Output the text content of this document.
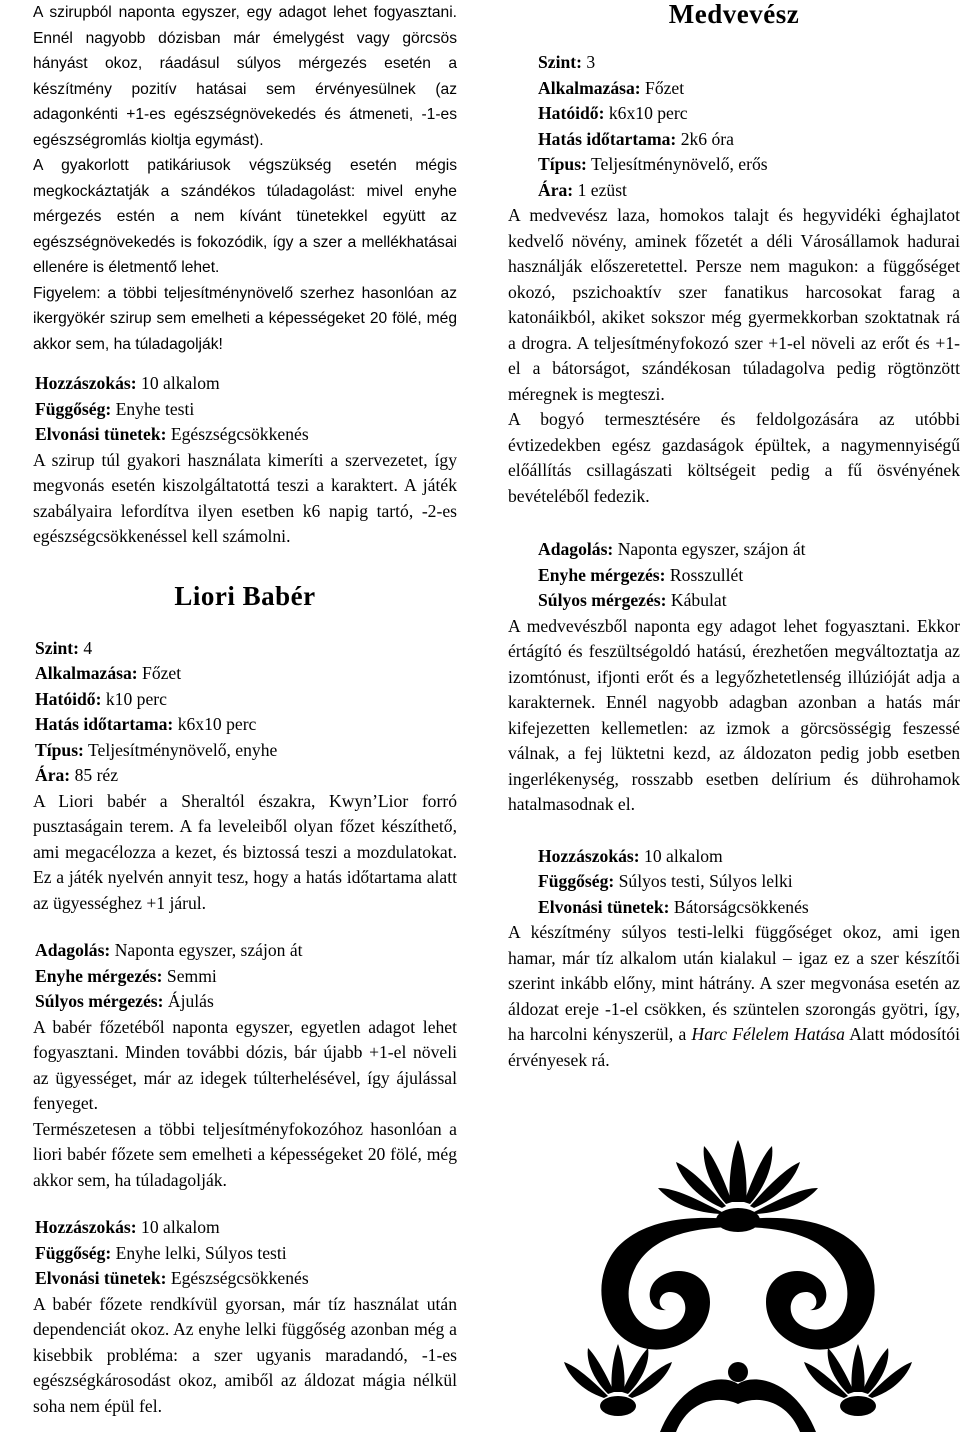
A szirupból naponta egyszer, egy adagot lehet fogyasztani. Ennél nagyobb dózisban már émelygést vagy görcsös hányást okoz, ráadásul súlyos mérgezés esetén a készítmény pozitív hatásai sem érvényesülnek (az adagonkénti +1-es egészségnövekedés és átmeneti, -1-es egészségromlás kioltja egymást).

A gyakorlott patikáriusok végszükség esetén mégis megkockáztatják a szándékos túladagolást: mivel enyhe mérgezés estén a nem kívánt tünetekkel együtt az egészségnövekedés is fokozódik, így a szer a mellékhatásai ellenére is életmentő lehet.

Figyelem: a többi teljesítménynövelő szerhez hasonlóan az ikergyökér szirup sem emelheti a képességeket 20 fölé, még akkor sem, ha túladagolják!

Hozzászokás: 10 alkalom

Függőség: Enyhe testi

Elvonási tünetek: Egészségcsökkenés

A szirup túl gyakori használata kimeríti a szervezetet, így megvonás esetén kiszolgáltatottá teszi a karaktert. A játék szabályaira lefordítva ilyen esetben k6 napig tartó, -2-es egészségcsökkenéssel kell számolni.

Liori Babér

Szint: 4

Alkalmazása: Főzet

Hatóidő: k10 perc

Hatás időtartama: k6x10 perc

Típus: Teljesítménynövelő, enyhe

Ára: 85 réz

A Liori babér a Sheraltól északra, Kwyn’Lior forró pusztaságain terem. A fa leveleiből olyan főzet készíthető, ami megacélozza a kezet, és biztossá teszi a mozdulatokat. Ez a játék nyelvén annyit tesz, hogy a hatás időtartama alatt az ügyességhez +1 járul.

Adagolás: Naponta egyszer, szájon át

Enyhe mérgezés: Semmi

Súlyos mérgezés: Ájulás

A babér főzetéből naponta egyszer, egyetlen adagot lehet fogyasztani. Minden további dózis, bár újabb +1-el növeli az ügyességet, már az idegek túlterhelésével, így ájulással fenyeget.

Természetesen a többi teljesítményfokozóhoz hasonlóan a liori babér főzete sem emelheti a képességeket 20 fölé, még akkor sem, ha túladagolják.

Hozzászokás: 10 alkalom

Függőség: Enyhe lelki, Súlyos testi

Elvonási tünetek: Egészségcsökkenés

A babér főzete rendkívül gyorsan, már tíz használat után dependenciát okoz. Az enyhe lelki függőség azonban még a kisebbik probléma: a szer ugyanis maradandó, -1-es egészségkárosodást okoz, amiből az áldozat mágia nélkül soha nem épül fel.

Medvevész

Szint: 3

Alkalmazása: Főzet

Hatóidő: k6x10 perc

Hatás időtartama: 2k6 óra

Típus: Teljesítménynövelő, erős

Ára: 1 ezüst

A medvevész laza, homokos talajt és hegyvidéki éghajlatot kedvelő növény, aminek főzetét a déli Városállamok hadurai használják előszeretettel. Persze nem magukon: a függőséget okozó, pszichoaktív szer fanatikus harcosokat farag a katonáikból, akiket sokszor még gyermekkorban szoktatnak rá a drogra. A teljesítményfokozó szer +1-el növeli az erőt és +1-el a bátorságot, szándékosan túladagolva pedig rögtönzött méregnek is megteszi.

A bogyó termesztésére és feldolgozására az utóbbi évtizedekben egész gazdaságok épültek, a nagymennyiségű előállítás csillagászati költségeit pedig a fű ösvényének bevételéből fedezik.

Adagolás: Naponta egyszer, szájon át

Enyhe mérgezés: Rosszullét

Súlyos mérgezés: Kábulat

A medvevészből naponta egy adagot lehet fogyasztani. Ekkor értágító és feszültségoldó hatású, érezhetően megváltoztatja az izomtónust, ifjonti erőt és a legyőzhetetlenség illúzióját adja a karakternek. Ennél nagyobb adagban azonban a hatás már kifejezetten kellemetlen: az izmok a görcsösségig feszessé válnak, a fej lüktetni kezd, az áldozaton pedig jobb esetben ingerlékenység, rosszabb esetben delírium és dührohamok hatalmasodnak el.

Hozzászokás: 10 alkalom

Függőség: Súlyos testi, Súlyos lelki

Elvonási tünetek: Bátorságcsökkenés

A készítmény súlyos testi-lelki függőséget okoz, ami igen hamar, már tíz alkalom után kialakul – igaz ez a szer készítői szerint inkább előny, mint hátrány. A szer megvonása esetén az áldozat ereje -1-el csökken, és szüntelen szorongás gyötri, így, ha harcolni kényszerül, a Harc Félelem Hatása Alatt módosítói érvényesek rá.
